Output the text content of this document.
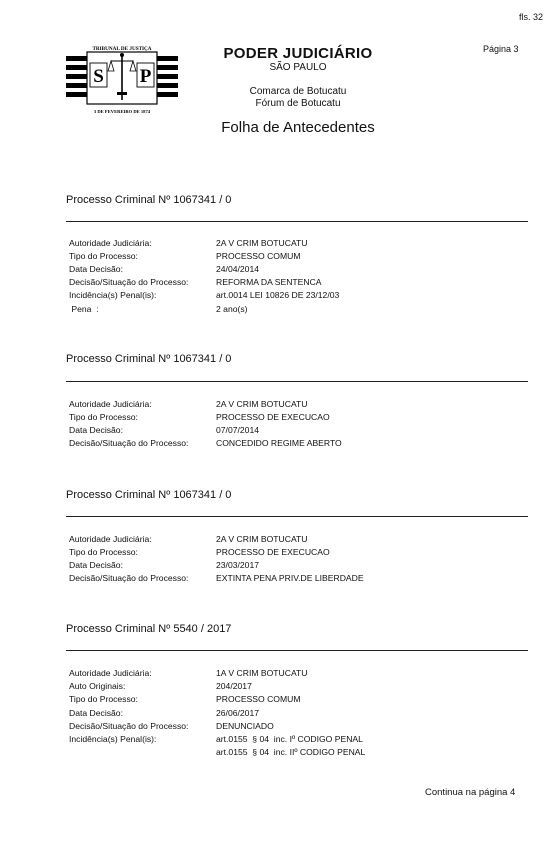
fls. 32
Página 3
TRIBUNAL DE JUSTIÇA
S P
3 DE FEVEREIRO DE 1874
PODER JUDICIÁRIO
SÃO PAULO
Comarca de Botucatu
Fórum de Botucatu
Folha de Antecedentes
Processo Criminal Nº 1067341 / 0
Autoridade Judiciária:	2A V CRIM BOTUCATU
Tipo do Processo:	PROCESSO COMUM
Data Decisão:	24/04/2014
Decisão/Situação do Processo:	REFORMA DA SENTENCA
Incidência(s) Penal(is):	art.0014 LEI 10826 DE 23/12/03
Pena  :	2 ano(s)
Processo Criminal Nº 1067341 / 0
Autoridade Judiciária:	2A V CRIM BOTUCATU
Tipo do Processo:	PROCESSO DE EXECUCAO
Data Decisão:	07/07/2014
Decisão/Situação do Processo:	CONCEDIDO REGIME ABERTO
Processo Criminal Nº 1067341 / 0
Autoridade Judiciária:	2A V CRIM BOTUCATU
Tipo do Processo:	PROCESSO DE EXECUCAO
Data Decisão:	23/03/2017
Decisão/Situação do Processo:	EXTINTA PENA PRIV.DE LIBERDADE
Processo Criminal Nº 5540 / 2017
Autoridade Judiciária:	1A V CRIM BOTUCATU
Auto Originais:	204/2017
Tipo do Processo:	PROCESSO COMUM
Data Decisão:	26/06/2017
Decisão/Situação do Processo:	DENUNCIADO
Incidência(s) Penal(is):	art.0155  § 04  inc. Iº CODIGO PENAL
art.0155  § 04  inc. IIº CODIGO PENAL
Continua na página 4
